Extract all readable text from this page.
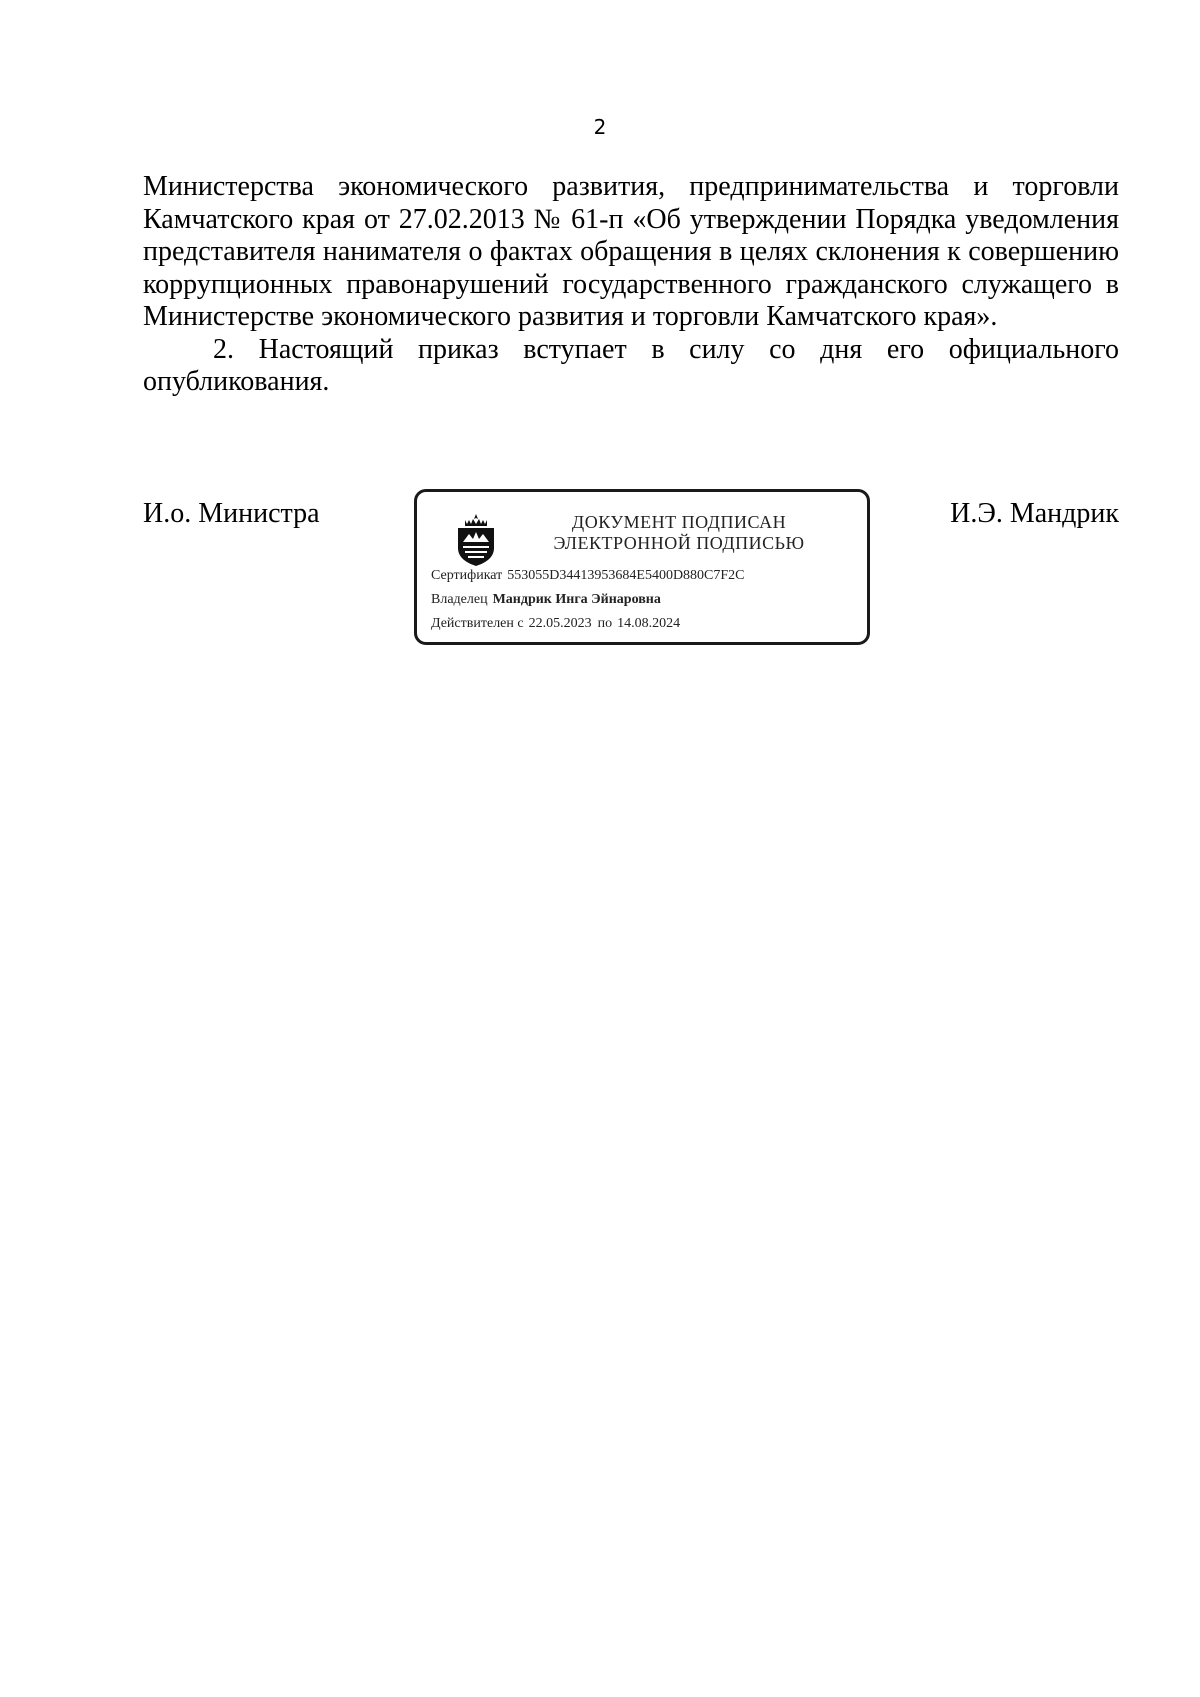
2
Министерства экономического развития, предпринимательства и торговли
Камчатского края от 27.02.2013 № 61-п «Об утверждении Порядка уведомления
представителя нанимателя о фактах обращения в целях склонения к совершению
коррупционных правонарушений государственного гражданского служащего в
Министерстве экономического развития и торговли Камчатского края».
2. Настоящий приказ вступает в силу со дня его официального
опубликования.
И.о. Министра	И.Э. Мандрик
ДОКУМЕНТ ПОДПИСАН
ЭЛЕКТРОННОЙ ПОДПИСЬЮ
Сертификат 553055D34413953684E5400D880C7F2C
Владелец Мандрик Инга Эйнаровна
Действителен с 22.05.2023 по 14.08.2024
